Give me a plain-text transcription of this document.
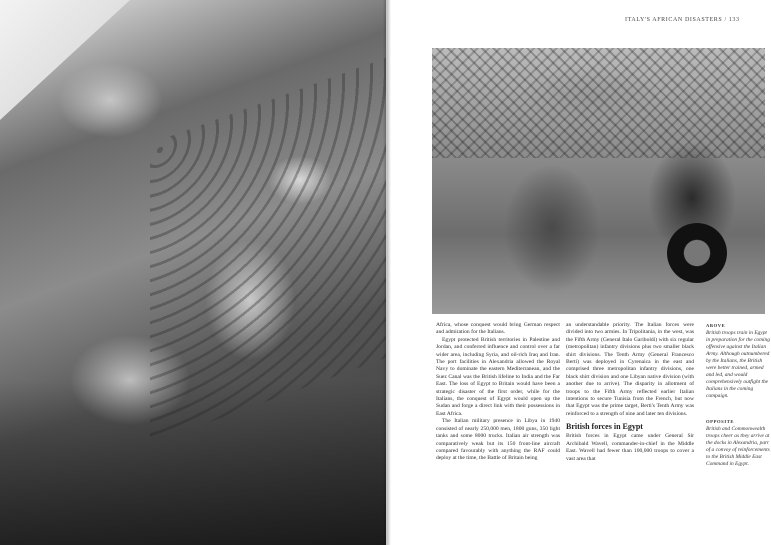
ITALY'S AFRICAN DISASTERS / 133

Africa, whose conquest would bring German respect and admiration for the Italians.

Egypt protected British territories in Palestine and Jordan, and conferred influence and control over a far wider area, including Syria, and oil-rich Iraq and Iran. The port facilities in Alexandria allowed the Royal Navy to dominate the eastern Mediterranean, and the Suez Canal was the British lifeline to India and the Far East. The loss of Egypt to Britain would have been a strategic disaster of the first order, while for the Italians, the conquest of Egypt would open up the Sudan and forge a direct link with their possessions in East Africa.

The Italian military presence in Libya in 1940 consisted of nearly 250,000 men, 1800 guns, 350 light tanks and some 8000 trucks. Italian air strength was comparatively weak but its 150 front-line aircraft compared favourably with anything the RAF could deploy at the time, the Battle of Britain being

an understandable priority. The Italian forces were divided into two armies. In Tripolitania, in the west, was the Fifth Army (General Italo Gariboldi) with six regular (metropolitan) infantry divisions plus two smaller black shirt divisions. The Tenth Army (General Francesco Berti) was deployed in Cyrenaica in the east and comprised three metropolitan infantry divisions, one black shirt division and one Libyan native division (with another due to arrive). The disparity in allotment of troops to the Fifth Army reflected earlier Italian intentions to secure Tunisia from the French, but now that Egypt was the prime target, Berti's Tenth Army was reinforced to a strength of nine and later ten divisions.

British forces in Egypt

British forces in Egypt came under General Sir Archibald Wavell, commander-in-chief in the Middle East. Wavell had fewer than 100,000 troops to cover a vast area that

ABOVE
British troops train in Egypt in preparation for the coming offensive against the Italian Army. Although outnumbered by the Italians, the British were better trained, armed and led, and would comprehensively outfight the Italians in the coming campaign.
OPPOSITE
British and Commonwealth troops cheer as they arrive at the docks in Alexandria, part of a convoy of reinforcements to the British Middle East Command in Egypt.
